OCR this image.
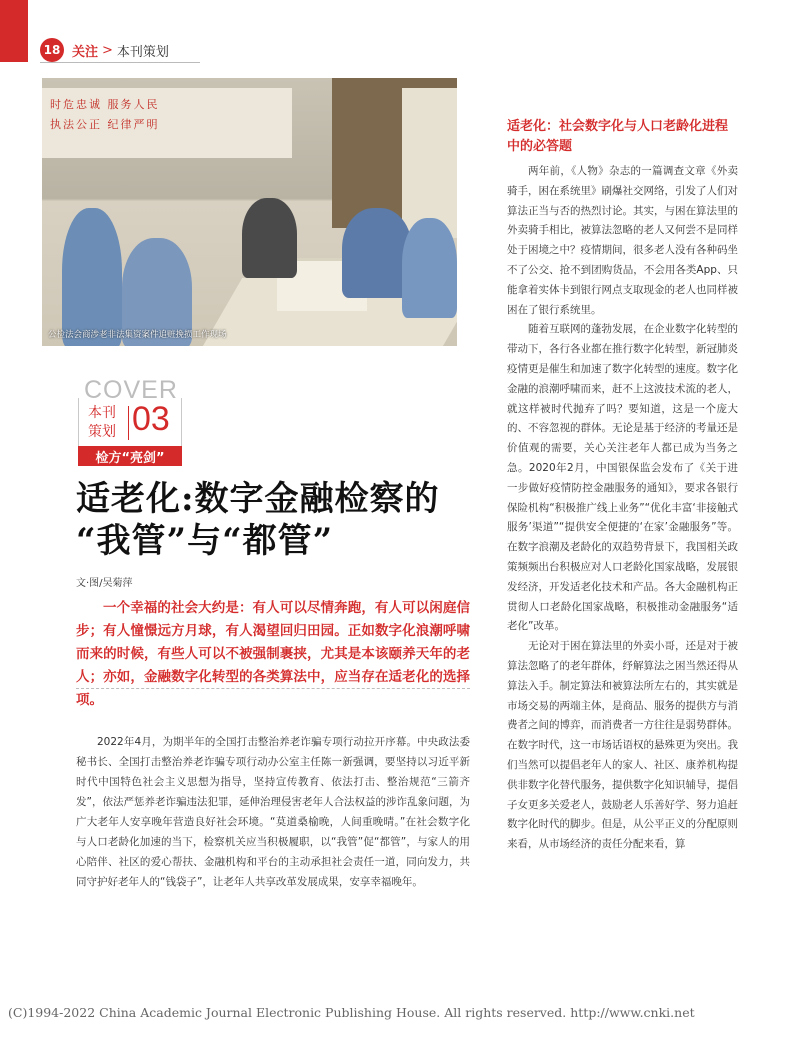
18 关注 > 本刊策划
时危忠诚 服务人民
执法公正 纪律严明
公检法会商涉老非法集资案件追赃挽损工作现场
COVER
本刊
策划 03
检方“亮剑”
适老化:数字金融检察的
“我管”与“都管”
文·图/吴菊萍
一个幸福的社会大约是：有人可以尽情奔跑，有人可以闲庭信步；有人憧憬远方月球，有人渴望回归田园。正如数字化浪潮呼啸而来的时候，有些人可以不被强制裹挟，尤其是本该颐养天年的老人；亦如，金融数字化转型的各类算法中，应当存在适老化的选择项。

2022年4月，为期半年的全国打击整治养老诈骗专项行动拉开序幕。中央政法委秘书长、全国打击整治养老诈骗专项行动办公室主任陈一新强调，要坚持以习近平新时代中国特色社会主义思想为指导，坚持宣传教育、依法打击、整治规范“三箭齐发”，依法严惩养老诈骗违法犯罪，延伸治理侵害老年人合法权益的涉诈乱象问题，为广大老年人安享晚年营造良好社会环境。“莫道桑榆晚，人间重晚晴。”在社会数字化与人口老龄化加速的当下，检察机关应当积极履职，以“我管”促“都管”，与家人的用心陪伴、社区的爱心帮扶、金融机构和平台的主动承担社会责任一道，同向发力，共同守护好老年人的“钱袋子”，让老年人共享改革发展成果，安享幸福晚年。

适老化：社会数字化与人口老龄化进程中的必答题

两年前，《人物》杂志的一篇调查文章《外卖骑手，困在系统里》刷爆社交网络，引发了人们对算法正当与否的热烈讨论。其实，与困在算法里的外卖骑手相比，被算法忽略的老人又何尝不是同样处于困境之中？疫情期间，很多老人没有各种码坐不了公交、抢不到团购货品，不会用各类App、只能拿着实体卡到银行网点支取现金的老人也同样被困在了银行系统里。

随着互联网的蓬勃发展，在企业数字化转型的带动下，各行各业都在推行数字化转型，新冠肺炎疫情更是催生和加速了数字化转型的速度。数字化金融的浪潮呼啸而来，赶不上这波技术流的老人，就这样被时代抛弃了吗？要知道，这是一个庞大的、不容忽视的群体。无论是基于经济的考量还是价值观的需要，关心关注老年人都已成为当务之急。2020年2月，中国银保监会发布了《关于进一步做好疫情防控金融服务的通知》，要求各银行保险机构“积极推广线上业务”“优化丰富‘非接触式服务’渠道”“提供安全便捷的‘在家’金融服务”等。在数字浪潮及老龄化的双趋势背景下，我国相关政策频频出台积极应对人口老龄化国家战略，发展银发经济，开发适老化技术和产品。各大金融机构正贯彻人口老龄化国家战略，积极推动金融服务“适老化”改革。

无论对于困在算法里的外卖小哥，还是对于被算法忽略了的老年群体，纾解算法之困当然还得从算法入手。制定算法和被算法所左右的，其实就是市场交易的两端主体，是商品、服务的提供方与消费者之间的博弈，而消费者一方往往是弱势群体。在数字时代，这一市场话语权的悬殊更为突出。我们当然可以提倡老年人的家人、社区、康养机构提供非数字化替代服务，提供数字化知识辅导，提倡子女更多关爱老人，鼓励老人乐善好学、努力追赶数字化时代的脚步。但是，从公平正义的分配原则来看，从市场经济的责任分配来看，算

(C)1994-2022 China Academic Journal Electronic Publishing House. All rights reserved. http://www.cnki.net
